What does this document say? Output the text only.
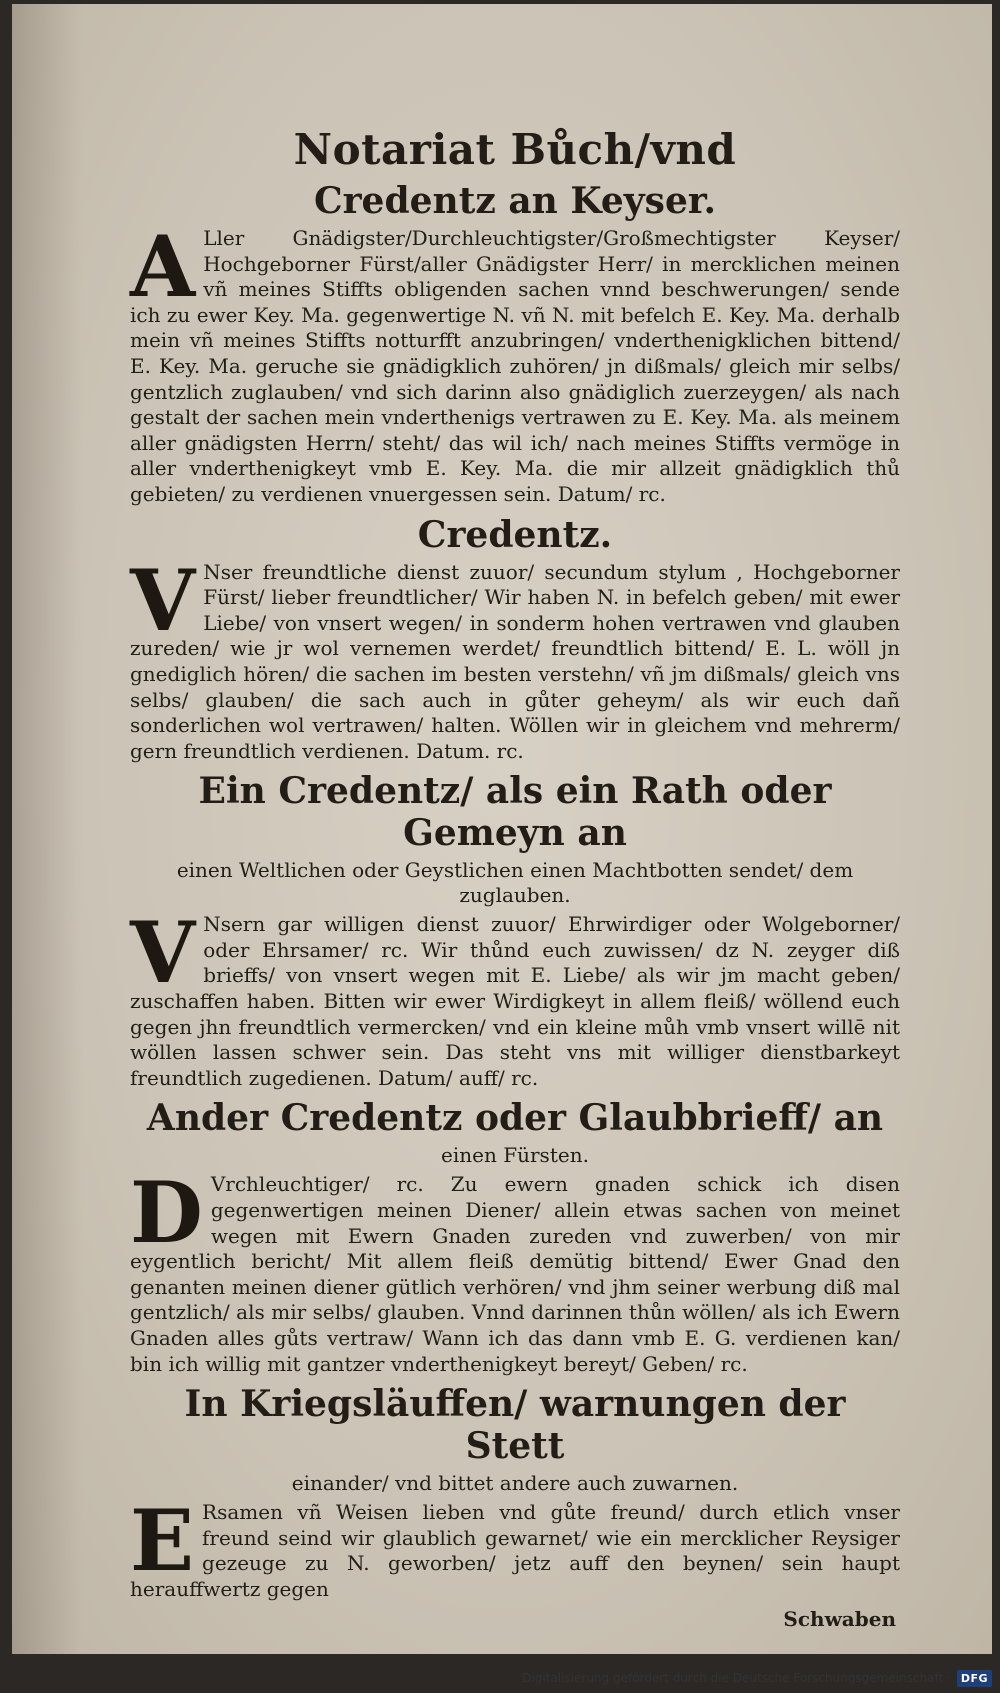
Notariat Bůch/vnd
Credentz an Keyser.
A Ller Gnädigster/Durchleuchtigster/Großmechtigster Keyser/ Hochgeborner Fürst/aller Gnädigster Herr/ in mercklichen meinen vñ meines Stiffts obligenden sachen vnnd beschwerungen/ sende ich zu ewer Key. Ma. gegenwertige N. vñ N. mit befelch E. Key. Ma. derhalb mein vñ meines Stiffts notturfft anzubringen/ vnderthenigklichen bittend/ E. Key. Ma. geruche sie gnädigklich zuhören/ jn dißmals/ gleich mir selbs/ gentzlich zuglauben/ vnd sich darinn also gnädiglich zuerzeygen/ als nach gestalt der sachen mein vnderthenigs vertrawen zu E. Key. Ma. als meinem aller gnädigsten Herrn/ steht/ das wil ich/ nach meines Stiffts vermöge in aller vnderthenigkeyt vmb E. Key. Ma. die mir allzeit gnädigklich thů gebieten/ zu verdienen vnuergessen sein. Datum/ rc.
Credentz.
V Nser freundtliche dienst zuuor/ secundum stylum , Hochgeborner Fürst/ lieber freundtlicher/ Wir haben N. in befelch geben/ mit ewer Liebe/ von vnsert wegen/ in sonderm hohen vertrawen vnd glauben zureden/ wie jr wol vernemen werdet/ freundtlich bittend/ E. L. wöll jn gnediglich hören/ die sachen im besten verstehn/ vñ jm dißmals/ gleich vns selbs/ glauben/ die sach auch in gůter geheym/ als wir euch dañ sonderlichen wol vertrawen/ halten. Wöllen wir in gleichem vnd mehrerm/ gern freundtlich verdienen. Datum. rc.
Ein Credentz/ als ein Rath oder Gemeyn an
einen Weltlichen oder Geystlichen einen Machtbotten sendet/ dem zuglauben.
V Nsern gar willigen dienst zuuor/ Ehrwirdiger oder Wolgeborner/ oder Ehrsamer/ rc. Wir thůnd euch zuwissen/ dz N. zeyger diß brieffs/ von vnsert wegen mit E. Liebe/ als wir jm macht geben/ zuschaffen haben. Bitten wir ewer Wirdigkeyt in allem fleiß/ wöllend euch gegen jhn freundtlich vermercken/ vnd ein kleine můh vmb vnsert willē nit wöllen lassen schwer sein. Das steht vns mit williger dienstbarkeyt freundtlich zugedienen. Datum/ auff/ rc.
Ander Credentz oder Glaubbrieff/ an
einen Fürsten.
D Vrchleuchtiger/ rc. Zu ewern gnaden schick ich disen gegenwertigen meinen Diener/ allein etwas sachen von meinet wegen mit Ewern Gnaden zureden vnd zuwerben/ von mir eygentlich bericht/ Mit allem fleiß demütig bittend/ Ewer Gnad den genanten meinen diener gütlich verhören/ vnd jhm seiner werbung diß mal gentzlich/ als mir selbs/ glauben. Vnnd darinnen thůn wöllen/ als ich Ewern Gnaden alles gůts vertraw/ Wann ich das dann vmb E. G. verdienen kan/ bin ich willig mit gantzer vnderthenigkeyt bereyt/ Geben/ rc.
In Kriegsläuffen/ warnungen der Stett
einander/ vnd bittet andere auch zuwarnen.
E Rsamen vñ Weisen lieben vnd gůte freund/ durch etlich vnser freund seind wir glaublich gewarnet/ wie ein mercklicher Reysiger gezeuge zu N. geworben/ jetz auff den beynen/ sein haupt herauffwertz gegen
Schwaben
Digitalisierung gefördert durch die Deutsche Forschungsgemeinschaft · DFG
